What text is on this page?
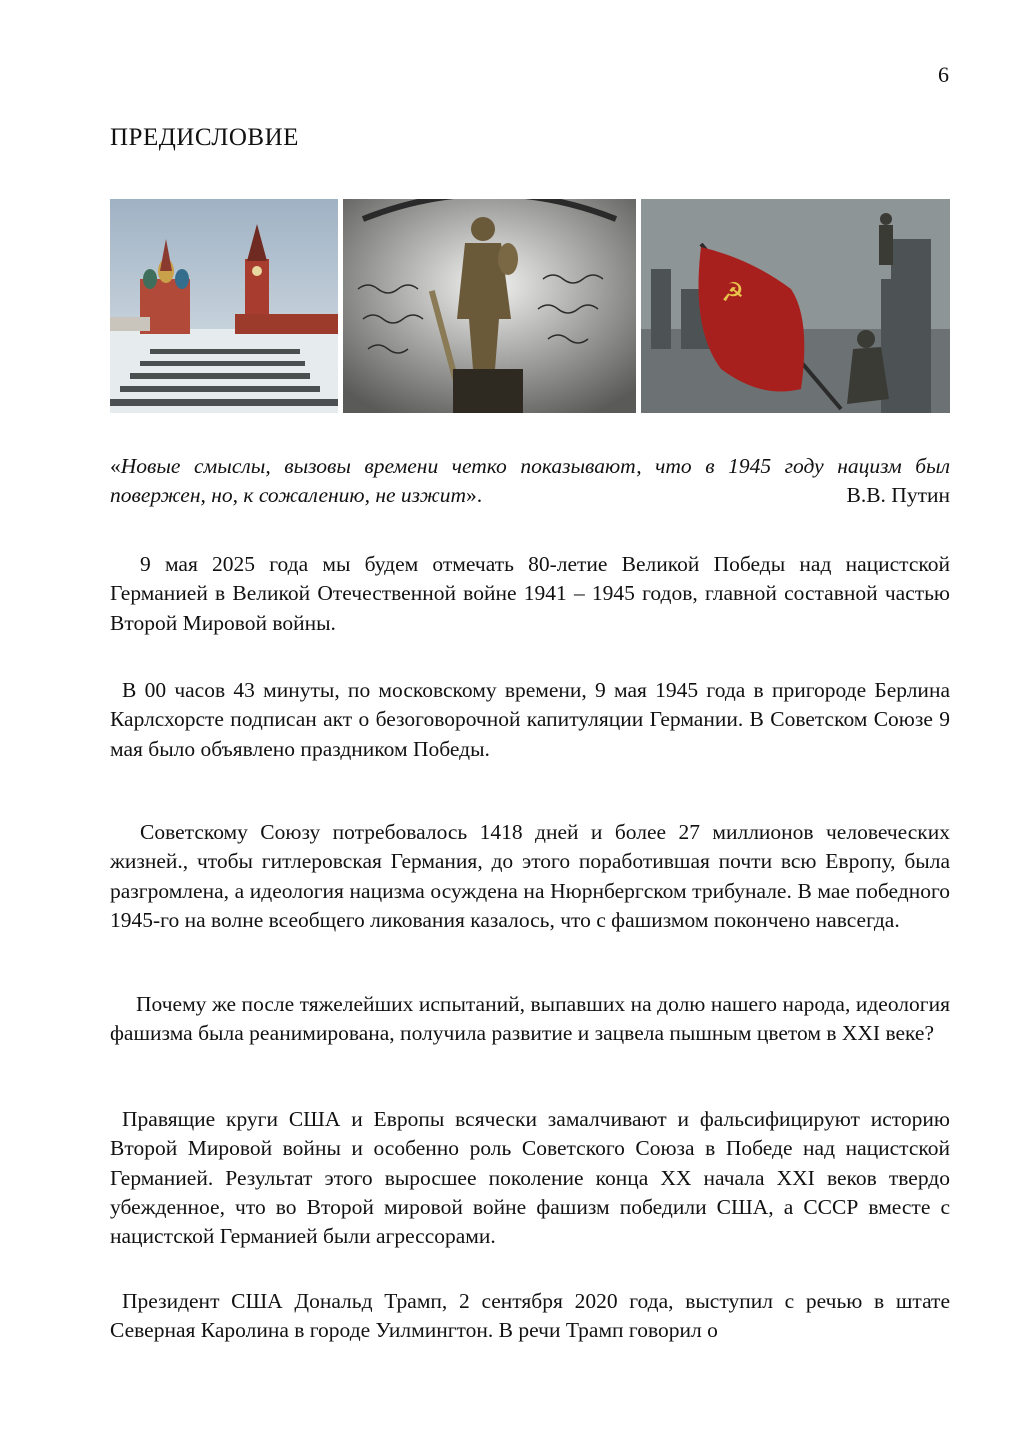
6
ПРЕДИСЛОВИЕ
☭
«Новые смыслы, вызовы времени четко показывают, что в 1945 году нацизм был повержен, но, к сожалению, не изжит».	В.В. Путин
9 мая 2025 года мы будем отмечать 80-летие Великой Победы над нацистской Германией в Великой Отечественной войне 1941 – 1945 годов, главной составной частью Второй Мировой войны.
В 00 часов 43 минуты, по московскому времени, 9 мая 1945 года в пригороде Берлина Карлсхорсте подписан акт о безоговорочной капитуляции Германии. В Советском Союзе 9 мая было объявлено праздником Победы.
Советскому Союзу потребовалось 1418 дней и более 27 миллионов человеческих жизней., чтобы гитлеровская Германия, до этого поработившая почти всю Европу, была разгромлена, а идеология нацизма осуждена на Нюрнбергском трибунале. В мае победного 1945-го на волне всеобщего ликования казалось, что с фашизмом покончено навсегда.
Почему же после тяжелейших испытаний, выпавших на долю нашего народа, идеология фашизма была реанимирована, получила развитие и зацвела пышным цветом в XXI веке?
Правящие круги США и Европы всячески замалчивают и фальсифицируют историю Второй Мировой войны и особенно роль Советского Союза в Победе над нацистской Германией. Результат этого выросшее поколение конца XX начала XXI веков твердо убежденное, что во Второй мировой войне фашизм победили США, а СССР вместе с нацистской Германией были агрессорами.
Президент США Дональд Трамп, 2 сентября 2020 года, выступил с речью в штате Северная Каролина в городе Уилмингтон. В речи Трамп говорил о
